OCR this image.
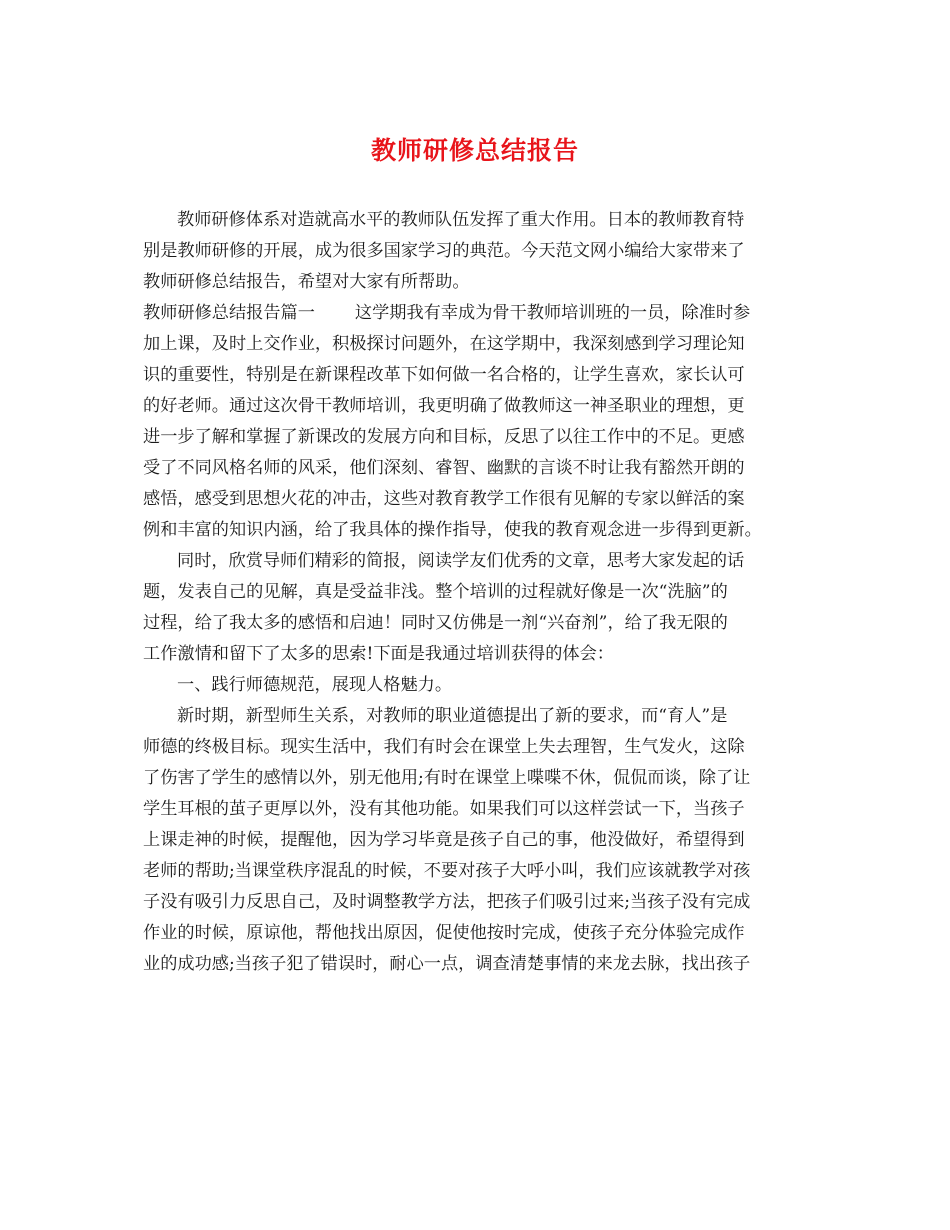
教师研修总结报告
教师研修体系对造就高水平的教师队伍发挥了重大作用。日本的教师教育特
别是教师研修的开展，成为很多国家学习的典范。今天范文网小编给大家带来了
教师研修总结报告，希望对大家有所帮助。
教师研修总结报告篇一 这学期我有幸成为骨干教师培训班的一员，除准时参
加上课，及时上交作业，积极探讨问题外，在这学期中，我深刻感到学习理论知
识的重要性，特别是在新课程改革下如何做一名合格的，让学生喜欢，家长认可
的好老师。通过这次骨干教师培训，我更明确了做教师这一神圣职业的理想，更
进一步了解和掌握了新课改的发展方向和目标，反思了以往工作中的不足。更感
受了不同风格名师的风采，他们深刻、睿智、幽默的言谈不时让我有豁然开朗的
感悟，感受到思想火花的冲击，这些对教育教学工作很有见解的专家以鲜活的案
例和丰富的知识内涵，给了我具体的操作指导，使我的教育观念进一步得到更新。
同时，欣赏导师们精彩的简报，阅读学友们优秀的文章，思考大家发起的话
题，发表自己的见解，真是受益非浅。整个培训的过程就好像是一次“洗脑”的
过程，给了我太多的感悟和启迪！同时又仿佛是一剂“兴奋剂”，给了我无限的
工作激情和留下了太多的思索!下面是我通过培训获得的体会：
一、践行师德规范，展现人格魅力。
新时期，新型师生关系，对教师的职业道德提出了新的要求，而“育人”是
师德的终极目标。现实生活中，我们有时会在课堂上失去理智，生气发火，这除
了伤害了学生的感情以外，别无他用;有时在课堂上喋喋不休，侃侃而谈，除了让
学生耳根的茧子更厚以外，没有其他功能。如果我们可以这样尝试一下，当孩子
上课走神的时候，提醒他，因为学习毕竟是孩子自己的事，他没做好，希望得到
老师的帮助;当课堂秩序混乱的时候，不要对孩子大呼小叫，我们应该就教学对孩
子没有吸引力反思自己，及时调整教学方法，把孩子们吸引过来;当孩子没有完成
作业的时候，原谅他，帮他找出原因，促使他按时完成，使孩子充分体验完成作
业的成功感;当孩子犯了错误时，耐心一点，调查清楚事情的来龙去脉，找出孩子
